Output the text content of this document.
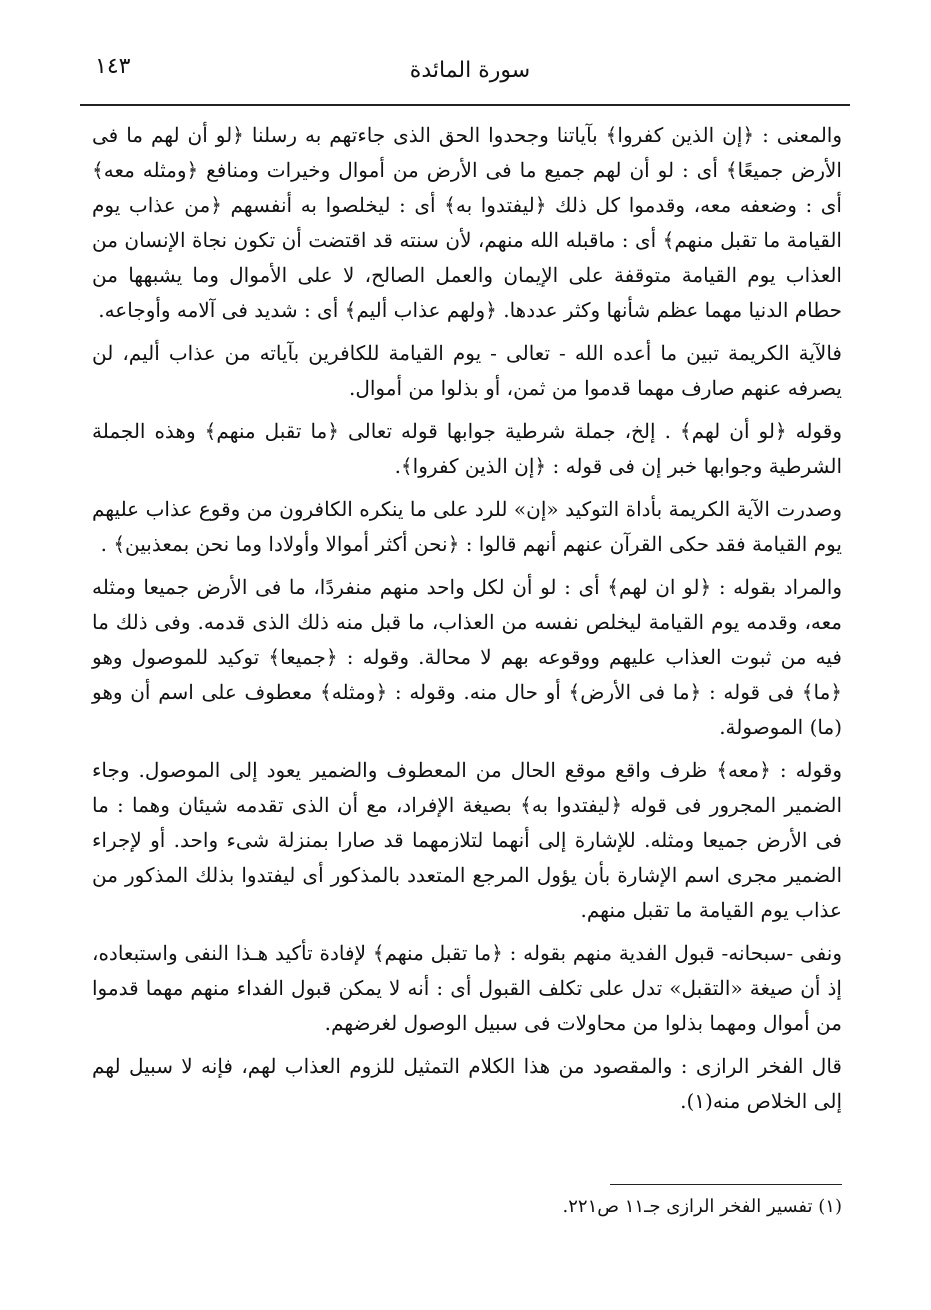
١٤٣	سورة المائدة

والمعنى : ﴿إن الذين كفروا﴾ بآياتنا وجحدوا الحق الذى جاءتهم به رسلنا ﴿لو أن لهم ما فى الأرض جميعًا﴾ أى : لو أن لهم جميع ما فى الأرض من أموال وخيرات ومنافع ﴿ومثله معه﴾ أى : وضعفه معه، وقدموا كل ذلك ﴿ليفتدوا به﴾ أى : ليخلصوا به أنفسهم ﴿من عذاب يوم القيامة ما تقبل منهم﴾ أى : ماقبله الله منهم، لأن سنته قد اقتضت أن تكون نجاة الإنسان من العذاب يوم القيامة متوقفة على الإيمان والعمل الصالح، لا على الأموال وما يشبهها من حطام الدنيا مهما عظم شأنها وكثر عددها. ﴿ولهم عذاب أليم﴾ أى : شديد فى آلامه وأوجاعه.

فالآية الكريمة تبين ما أعده الله - تعالى - يوم القيامة للكافرين بآياته من عذاب أليم، لن يصرفه عنهم صارف مهما قدموا من ثمن، أو بذلوا من أموال.

وقوله ﴿لو أن لهم﴾ . إلخ، جملة شرطية جوابها قوله تعالى ﴿ما تقبل منهم﴾ وهذه الجملة الشرطية وجوابها خبر إن فى قوله : ﴿إن الذين كفروا﴾.

وصدرت الآية الكريمة بأداة التوكيد «إن» للرد على ما ينكره الكافرون من وقوع عذاب عليهم يوم القيامة فقد حكى القرآن عنهم أنهم قالوا : ﴿نحن أكثر أموالا وأولادا وما نحن بمعذبين﴾ .

والمراد بقوله : ﴿لو ان لهم﴾ أى : لو أن لكل واحد منهم منفردًا، ما فى الأرض جميعا ومثله معه، وقدمه يوم القيامة ليخلص نفسه من العذاب، ما قبل منه ذلك الذى قدمه. وفى ذلك ما فيه من ثبوت العذاب عليهم ووقوعه بهم لا محالة. وقوله : ﴿جميعا﴾ توكيد للموصول وهو ﴿ما﴾ فى قوله : ﴿ما فى الأرض﴾ أو حال منه. وقوله : ﴿ومثله﴾ معطوف على اسم أن وهو (ما) الموصولة.

وقوله : ﴿معه﴾ ظرف واقع موقع الحال من المعطوف والضمير يعود إلى الموصول. وجاء الضمير المجرور فى قوله ﴿ليفتدوا به﴾ بصيغة الإفراد، مع أن الذى تقدمه شيئان وهما : ما فى الأرض جميعا ومثله. للإشارة إلى أنهما لتلازمهما قد صارا بمنزلة شىء واحد. أو لإجراء الضمير مجرى اسم الإشارة بأن يؤول المرجع المتعدد بالمذكور أى ليفتدوا بذلك المذكور من عذاب يوم القيامة ما تقبل منهم.

ونفى -سبحانه- قبول الفدية منهم بقوله : ﴿ما تقبل منهم﴾ لإفادة تأكيد هـذا النفى واستبعاده، إذ أن صيغة «التقبل» تدل على تكلف القبول أى : أنه لا يمكن قبول الفداء منهم مهما قدموا من أموال ومهما بذلوا من محاولات فى سبيل الوصول لغرضهم.

قال الفخر الرازى : والمقصود من هذا الكلام التمثيل للزوم العذاب لهم، فإنه لا سبيل لهم إلى الخلاص منه(١).

(١) تفسير الفخر الرازى جـ١١ ص٢٢١.
